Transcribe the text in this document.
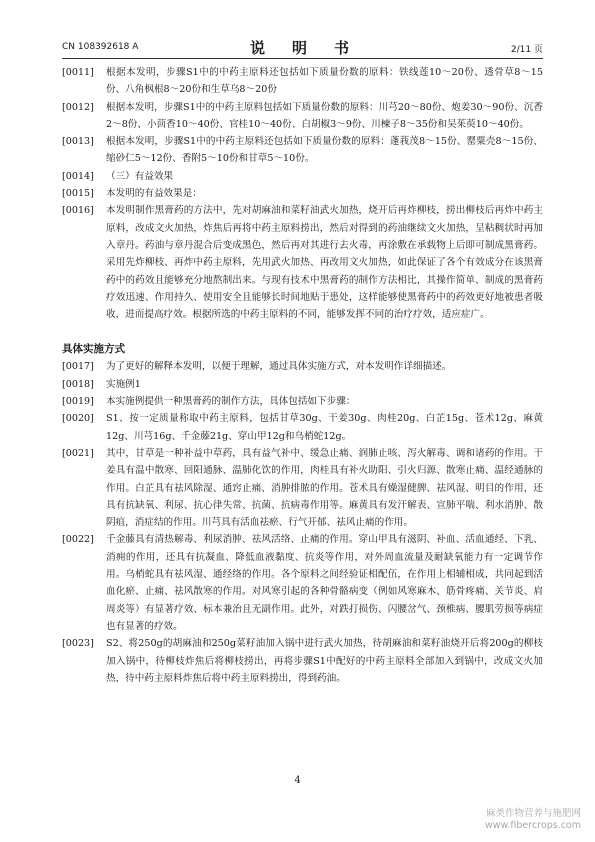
CN 108392618 A	说　明　书	2/11 页
[0011]	根据本发明，步骤S1中的中药主原料还包括如下质量份数的原料：铁线莲10～20份、透骨草8～15份、八角枫根8～20份和生草乌8～20份
[0012]	根据本发明，步骤S1中的中药主原料包括如下质量份数的原料：川芎20～80份、炮姜30～90份、沉香2～8份、小茴香10～40份、官桂10～40份、白胡椒3～9份、川楝子8～35份和吴茱萸10～40份。
[0013]	根据本发明，步骤S1中的中药主原料还包括如下质量份数的原料：蓬莪茂8～15份、罂粟壳8～15份、缩砂仁5～12份、香附5～10份和甘草5～10份。
[0014]	（三）有益效果
[0015]	本发明的有益效果是：
[0016]	本发明制作黑膏药的方法中，先对胡麻油和菜籽油武火加热，烧开后再炸柳枝，捞出柳枝后再炸中药主原料，改成文火加热，炸焦后再将中药主原料捞出，然后对得到的药油继续文火加热，呈粘稠状时再加入章丹。药油与章丹混合后变成黑色，然后再对其进行去火毒，再涂敷在承载物上后即可制成黑膏药。采用先炸柳枝、再炸中药主原料，先用武火加热、再改用文火加热，如此保证了各个有效成分在该黑膏药中的药效且能够充分地熬制出来。与现有技术中黑膏药的制作方法相比，其操作简单、制成的黑膏药疗效迅速、作用持久、使用安全且能够长时间地贴于患处，这样能够使黑膏药中的药效更好地被患者吸收，进而提高疗效。根据所选的中药主原料的不同，能够发挥不同的治疗疗效，适应症广。
具体实施方式
[0017]	为了更好的解释本发明，以便于理解，通过具体实施方式，对本发明作详细描述。
[0018]	实施例1
[0019]	本实施例提供一种黑膏药的制作方法，具体包括如下步骤：
[0020]	S1、按一定质量称取中药主原料，包括甘草30g、干姜30g、肉桂20g、白芷15g、苍术12g、麻黄12g、川芎16g、千金藤21g、穿山甲12g和乌梢蛇12g。
[0021]	其中，甘草是一种补益中草药，具有益气补中、缓急止痛、润肺止咳、泻火解毒、调和诸药的作用。干姜具有温中散寒、回阳通脉、温肺化饮的作用，肉桂具有补火助阳、引火归源、散寒止痛、温经通脉的作用。白芷具有祛风除湿、通窍止痛、消肿排脓的作用。苍术具有燥湿健脾、祛风湿、明目的作用，还具有抗缺氧、利尿、抗心律失常、抗菌、抗病毒作用等。麻黄具有发汗解表、宣肺平喘、利水消肿、散阴疽，消症结的作用。川芎具有活血祛瘀、行气开郁、祛风止痛的作用。
[0022]	千金藤具有清热解毒、利尿消肿、祛风活络、止痛的作用。穿山甲具有滋阴、补血、活血通经、下乳、消痈的作用，还具有抗凝血、降低血液黏度、抗炎等作用，对外周血流量及耐缺氧能力有一定调节作用。乌梢蛇具有祛风湿、通经络的作用。各个原料之间经验证相配伍，在作用上相辅相成，共同起到活血化瘀、止痛、祛风散寒的作用。对风寒引起的各种骨骼病变（例如风寒麻木、筋骨疼痛、关节炎、肩周炎等）有显著疗效、标本兼治且无副作用。此外，对跌打损伤、闪腰岔气、颈椎病、腰肌劳损等病症也有显著的疗效。
[0023]	S2、将250g的胡麻油和250g菜籽油加入锅中进行武火加热，待胡麻油和菜籽油烧开后将200g的柳枝加入锅中，待柳枝炸焦后将柳枝捞出，再将步骤S1中配好的中药主原料全部加入到锅中，改成文火加热，待中药主原料炸焦后将中药主原料捞出，得到药油。
4
麻类作物营养与施肥网
www.fibercrops.com
